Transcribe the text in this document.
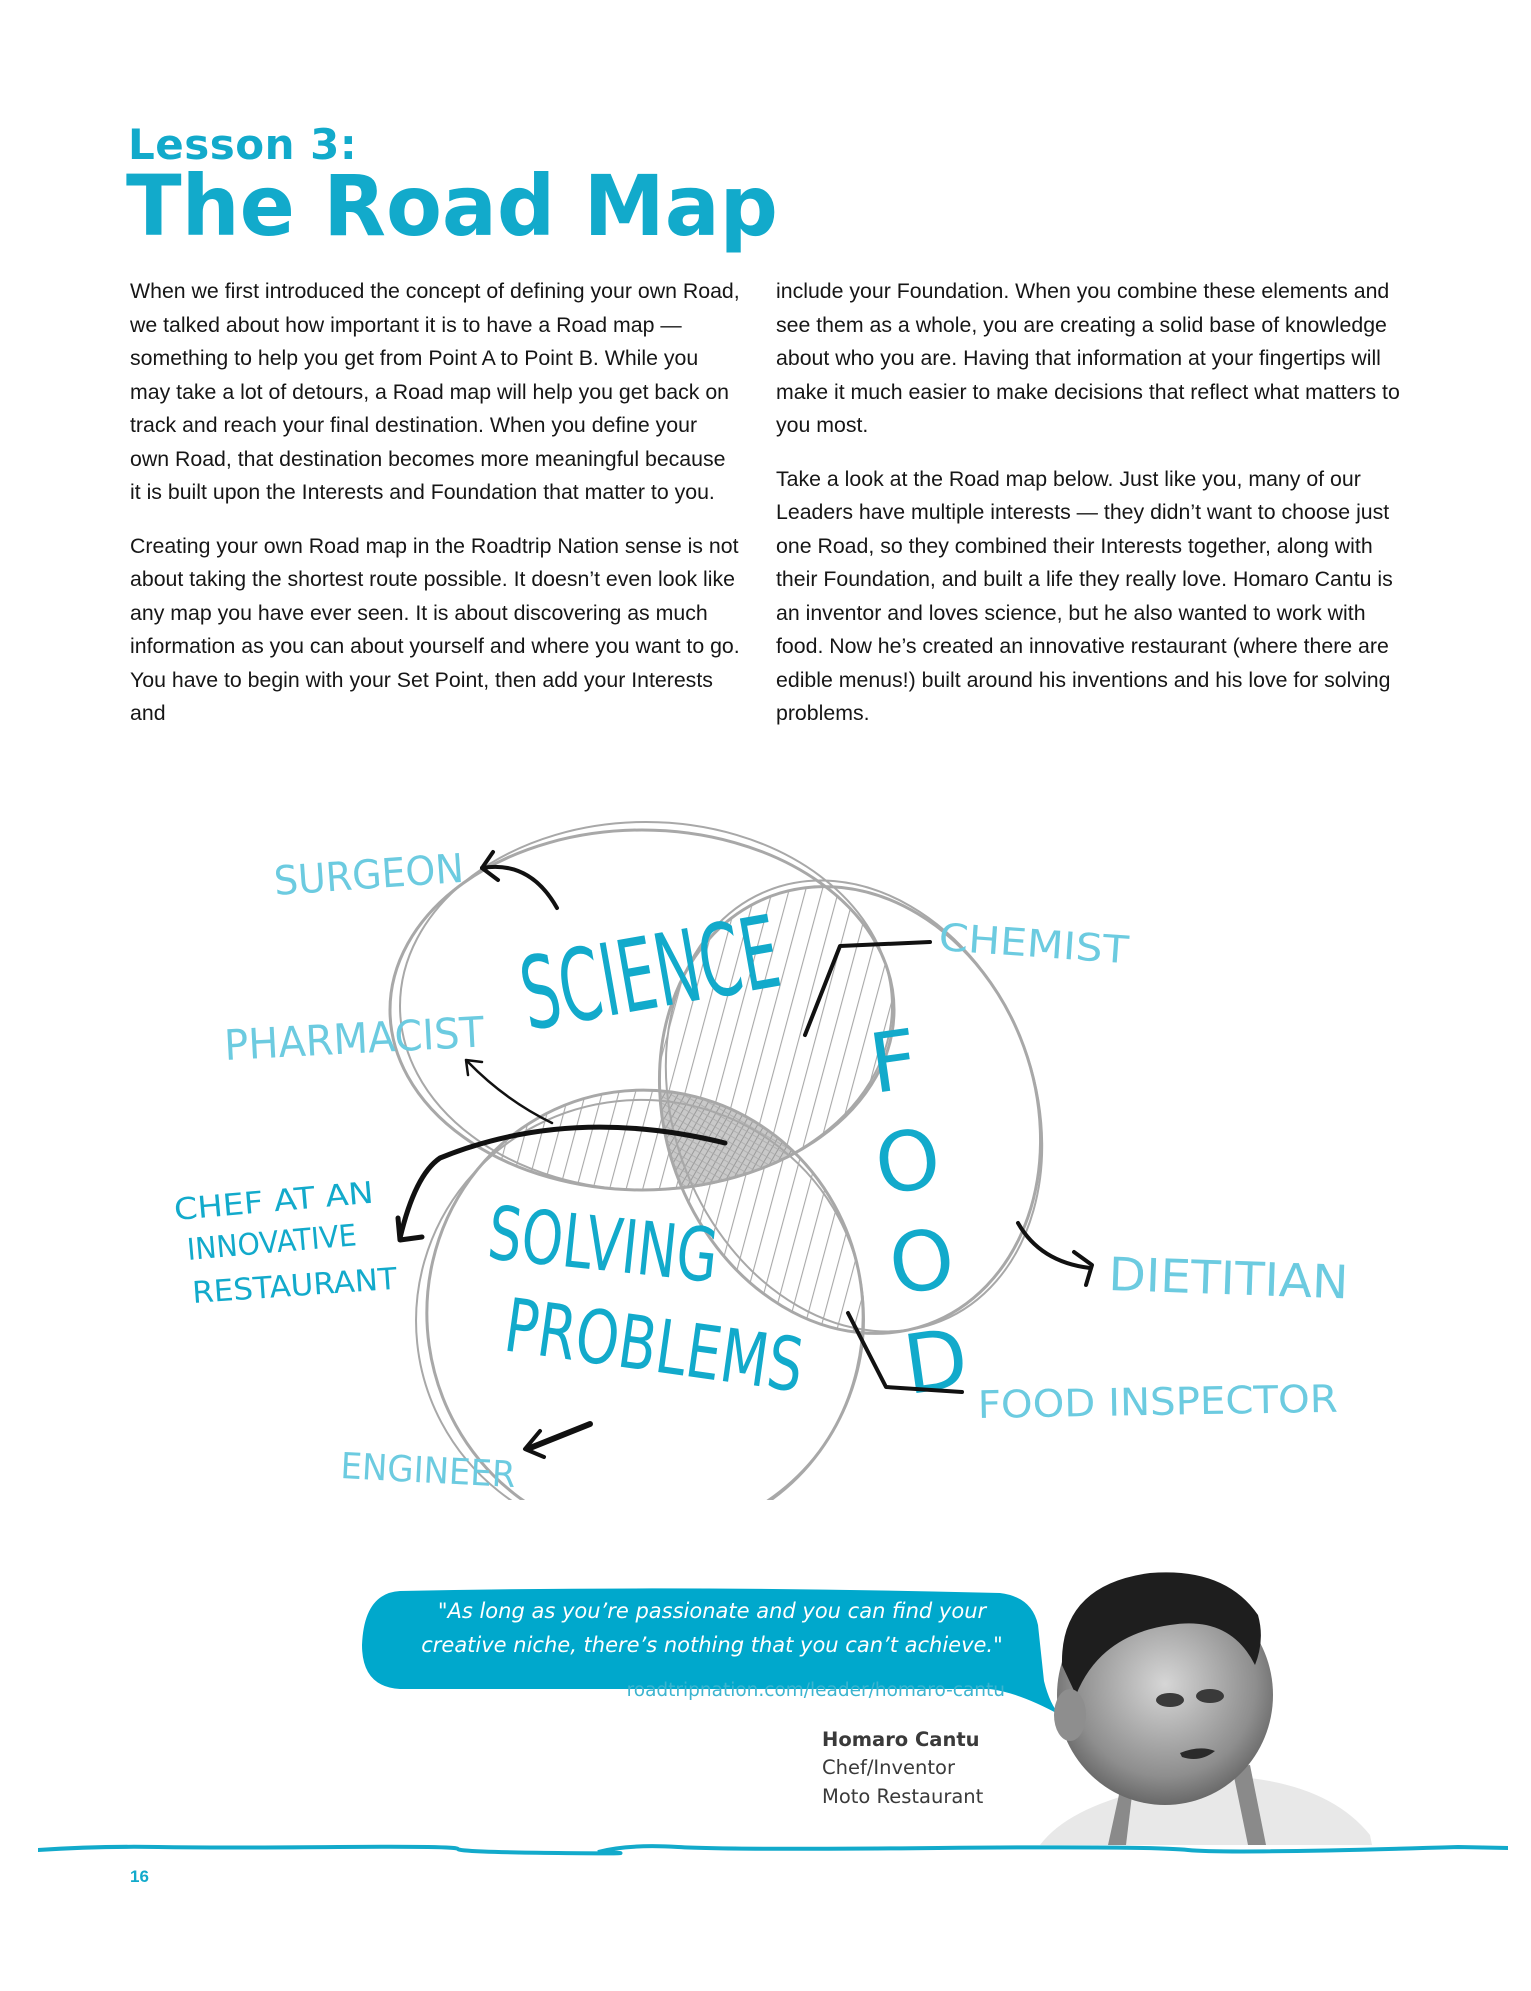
Lesson 3:
The Road Map

When we first introduced the concept of defining your own Road, we talked about how important it is to have a Road map — something to help you get from Point A to Point B. While you may take a lot of detours, a Road map will help you get back on track and reach your final destination. When you define your own Road, that destination becomes more meaningful because it is built upon the Interests and Foundation that matter to you.

Creating your own Road map in the Roadtrip Nation sense is not about taking the shortest route possible. It doesn’t even look like any map you have ever seen. It is about discovering as much information as you can about yourself and where you want to go. You have to begin with your Set Point, then add your Interests and

include your Foundation. When you combine these elements and see them as a whole, you are creating a solid base of knowledge about who you are. Having that information at your fingertips will make it much easier to make decisions that reflect what matters to you most.

Take a look at the Road map below. Just like you, many of our Leaders have multiple interests — they didn’t want to choose just one Road, so they combined their Interests together, along with their Foundation, and built a life they really love. Homaro Cantu is an inventor and loves science, but he also wanted to work with food. Now he’s created an innovative restaurant (where there are edible menus!) built around his inventions and his love for solving problems.

SCIENCE
FOOD
SOLVING
PROBLEMS
SURGEON
PHARMACIST
CHEMIST
CHEF AT AN
INNOVATIVE
RESTAURANT	DIETITIAN
FOOD INSPECTOR
ENGINEER
"As long as you’re passionate and you can find your creative niche, there’s nothing that you can’t achieve."
roadtripnation.com/leader/homaro-cantu
Homaro Cantu
Chef/Inventor
Moto Restaurant
16
